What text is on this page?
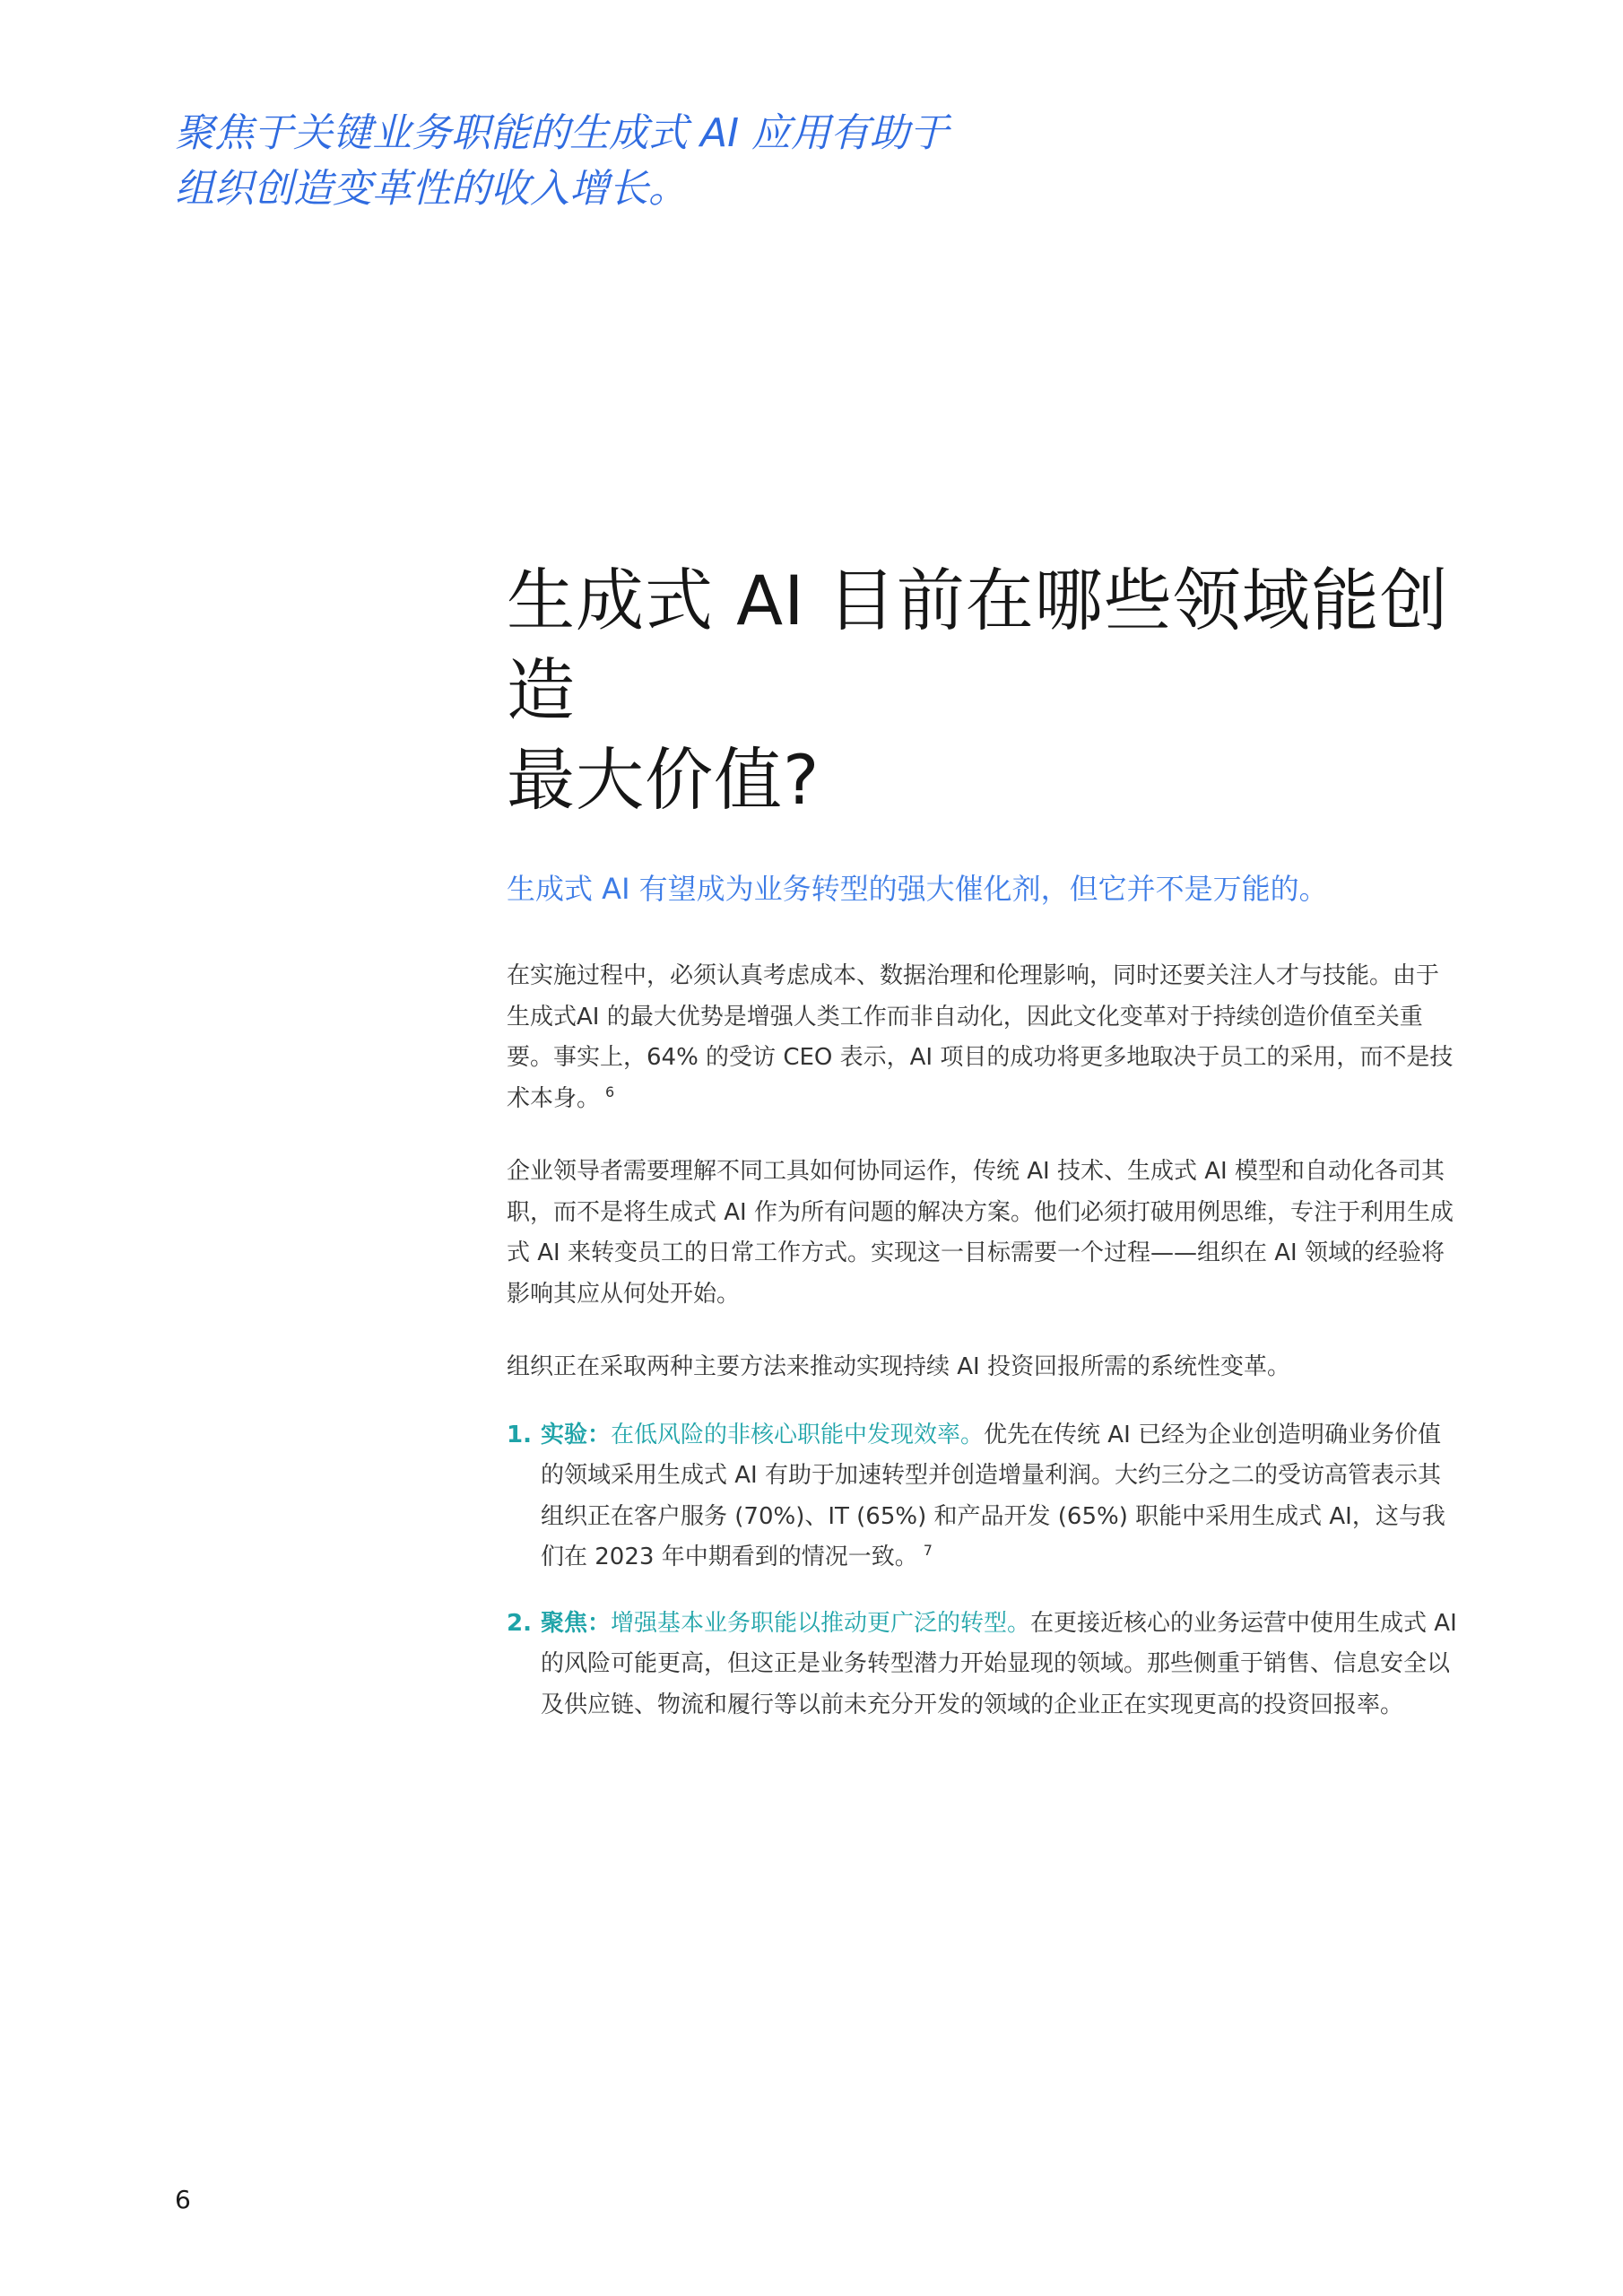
聚焦于关键业务职能的生成式 AI 应用有助于
组织创造变革性的收入增长。
生成式 AI 目前在哪些领域能创造
最大价值?

生成式 AI 有望成为业务转型的强大催化剂，但它并不是万能的。

在实施过程中，必须认真考虑成本、数据治理和伦理影响，同时还要关注人才与技能。由于生成式AI 的最大优势是增强人类工作而非自动化，因此文化变革对于持续创造价值至关重要。事实上，64% 的受访 CEO 表示，AI 项目的成功将更多地取决于员工的采用，而不是技术本身。 $^6$

企业领导者需要理解不同工具如何协同运作，传统 AI 技术、生成式 AI 模型和自动化各司其职，而不是将生成式 AI 作为所有问题的解决方案。他们必须打破用例思维，专注于利用生成式 AI 来转变员工的日常工作方式。实现这一目标需要一个过程——组织在 AI 领域的经验将影响其应从何处开始。

组织正在采取两种主要方法来推动实现持续 AI 投资回报所需的系统性变革。

1. 实验：在低风险的非核心职能中发现效率。优先在传统 AI 已经为企业创造明确业务价值的领域采用生成式 AI 有助于加速转型并创造增量利润。大约三分之二的受访高管表示其组织正在客户服务 (70%)、IT (65%) 和产品开发 (65%) 职能中采用生成式 AI，这与我们在 2023 年中期看到的情况一致。 $^7$
2. 聚焦：增强基本业务职能以推动更广泛的转型。在更接近核心的业务运营中使用生成式 AI 的风险可能更高，但这正是业务转型潜力开始显现的领域。那些侧重于销售、信息安全以及供应链、物流和履行等以前未充分开发的领域的企业正在实现更高的投资回报率。
6
